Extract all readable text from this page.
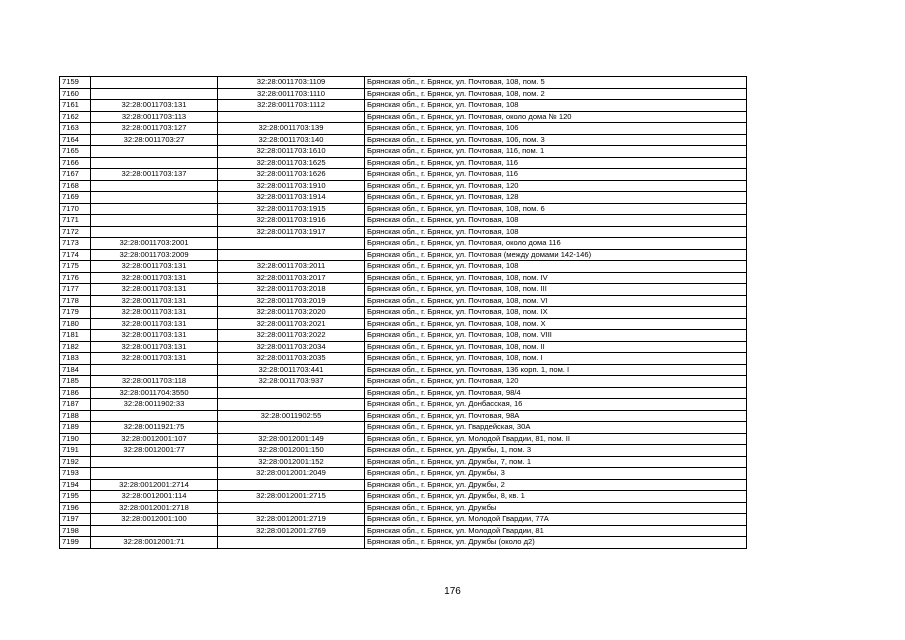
7159		32:28:0011703:1109	Брянская обл., г. Брянск, ул. Почтовая, 108, пом. 5
7160		32:28:0011703:1110	Брянская обл., г. Брянск, ул. Почтовая, 108, пом. 2
7161	32:28:0011703:131	32:28:0011703:1112	Брянская обл., г. Брянск, ул. Почтовая, 108
7162	32:28:0011703:113		Брянская обл., г. Брянск, ул. Почтовая, около дома № 120
7163	32:28:0011703:127	32:28:0011703:139	Брянская обл., г. Брянск, ул. Почтовая, 106
7164	32:28:0011703:27	32:28:0011703:140	Брянская обл., г. Брянск, ул. Почтовая, 106, пом. 3
7165		32:28:0011703:1610	Брянская обл., г. Брянск, ул. Почтовая, 116, пом. 1
7166		32:28:0011703:1625	Брянская обл., г. Брянск, ул. Почтовая, 116
7167	32:28:0011703:137	32:28:0011703:1626	Брянская обл., г. Брянск, ул. Почтовая, 116
7168		32:28:0011703:1910	Брянская обл., г. Брянск, ул. Почтовая, 120
7169		32:28:0011703:1914	Брянская обл., г. Брянск, ул. Почтовая, 128
7170		32:28:0011703:1915	Брянская обл., г. Брянск, ул. Почтовая, 108, пом. 6
7171		32:28:0011703:1916	Брянская обл., г. Брянск, ул. Почтовая, 108
7172		32:28:0011703:1917	Брянская обл., г. Брянск, ул. Почтовая, 108
7173	32:28:0011703:2001		Брянская обл., г. Брянск, ул. Почтовая, около дома 116
7174	32:28:0011703:2009		Брянская обл., г. Брянск, ул. Почтовая (между домами 142-146)
7175	32:28:0011703:131	32:28:0011703:2011	Брянская обл., г. Брянск, ул. Почтовая, 108
7176	32:28:0011703:131	32:28:0011703:2017	Брянская обл., г. Брянск, ул. Почтовая, 108, пом. IV
7177	32:28:0011703:131	32:28:0011703:2018	Брянская обл., г. Брянск, ул. Почтовая, 108, пом. III
7178	32:28:0011703:131	32:28:0011703:2019	Брянская обл., г. Брянск, ул. Почтовая, 108, пом. VI
7179	32:28:0011703:131	32:28:0011703:2020	Брянская обл., г. Брянск, ул. Почтовая, 108, пом. IX
7180	32:28:0011703:131	32:28:0011703:2021	Брянская обл., г. Брянск, ул. Почтовая, 108, пом. X
7181	32:28:0011703:131	32:28:0011703:2022	Брянская обл., г. Брянск, ул. Почтовая, 108, пом. VIII
7182	32:28:0011703:131	32:28:0011703:2034	Брянская обл., г. Брянск, ул. Почтовая, 108, пом. II
7183	32:28:0011703:131	32:28:0011703:2035	Брянская обл., г. Брянск, ул. Почтовая, 108, пом. I
7184		32:28:0011703:441	Брянская обл., г. Брянск, ул. Почтовая, 136 корп. 1, пом. I
7185	32:28:0011703:118	32:28:0011703:937	Брянская обл., г. Брянск, ул. Почтовая, 120
7186	32:28:0011704:3550		Брянская обл., г. Брянск, ул. Почтовая, 98/4
7187	32:28:0011902:33		Брянская обл., г. Брянск, ул. Донбасская, 16
7188		32:28:0011902:55	Брянская обл., г. Брянск, ул. Почтовая, 98А
7189	32:28:0011921:75		Брянская обл., г. Брянск, ул. Гвардейская, 30А
7190	32:28:0012001:107	32:28:0012001:149	Брянская обл., г. Брянск, ул. Молодой Гвардии, 81, пом. II
7191	32:28:0012001:77	32:28:0012001:150	Брянская обл., г. Брянск, ул. Дружбы, 1, пом. 3
7192		32:28:0012001:152	Брянская обл., г. Брянск, ул. Дружбы, 7, пом. 1
7193		32:28:0012001:2049	Брянская обл., г. Брянск, ул. Дружбы, 3
7194	32:28:0012001:2714		Брянская обл., г. Брянск, ул. Дружбы, 2
7195	32:28:0012001:114	32:28:0012001:2715	Брянская обл., г. Брянск, ул. Дружбы, 8, кв. 1
7196	32:28:0012001:2718		Брянская обл., г. Брянск, ул. Дружбы
7197	32:28:0012001:100	32:28:0012001:2719	Брянская обл., г. Брянск, ул. Молодой Гвардии, 77А
7198		32:28:0012001:2769	Брянская обл., г. Брянск, ул. Молодой Гвардии, 81
7199	32:28:0012001:71		Брянская обл., г. Брянск, ул. Дружбы (около д2)
176
